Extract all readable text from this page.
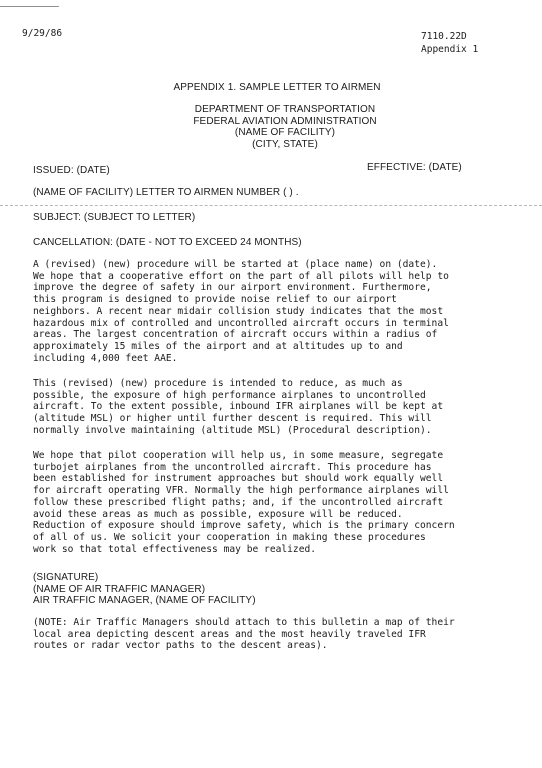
9/29/86	7110.22D
Appendix 1
APPENDIX 1. SAMPLE LETTER TO AIRMEN
DEPARTMENT OF TRANSPORTATION
FEDERAL AVIATION ADMINISTRATION
(NAME OF FACILITY)
(CITY, STATE)
ISSUED: (DATE)	EFFECTIVE: (DATE)
(NAME OF FACILITY) LETTER TO AIRMEN NUMBER ( ) .
SUBJECT: (SUBJECT TO LETTER)
CANCELLATION: (DATE - NOT TO EXCEED 24 MONTHS)

A (revised) (new) procedure will be started at (place name) on (date).
We hope that a cooperative effort on the part of all pilots will help to
improve the degree of safety in our airport environment. Furthermore,
this program is designed to provide noise relief to our airport
neighbors. A recent near midair collision study indicates that the most
hazardous mix of controlled and uncontrolled aircraft occurs in terminal
areas. The largest concentration of aircraft occurs within a radius of
approximately 15 miles of the airport and at altitudes up to and
including 4,000 feet AAE.

This (revised) (new) procedure is intended to reduce, as much as
possible, the exposure of high performance airplanes to uncontrolled
aircraft. To the extent possible, inbound IFR airplanes will be kept at
(altitude MSL) or higher until further descent is required. This will
normally involve maintaining (altitude MSL) (Procedural description).

We hope that pilot cooperation will help us, in some measure, segregate
turbojet airplanes from the uncontrolled aircraft. This procedure has
been established for instrument approaches but should work equally well
for aircraft operating VFR. Normally the high performance airplanes will
follow these prescribed flight paths; and, if the uncontrolled aircraft
avoid these areas as much as possible, exposure will be reduced.
Reduction of exposure should improve safety, which is the primary concern
of all of us. We solicit your cooperation in making these procedures
work so that total effectiveness may be realized.

(SIGNATURE)
(NAME OF AIR TRAFFIC MANAGER)
AIR TRAFFIC MANAGER, (NAME OF FACILITY)

(NOTE: Air Traffic Managers should attach to this bulletin a map of their
local area depicting descent areas and the most heavily traveled IFR
routes or radar vector paths to the descent areas).
